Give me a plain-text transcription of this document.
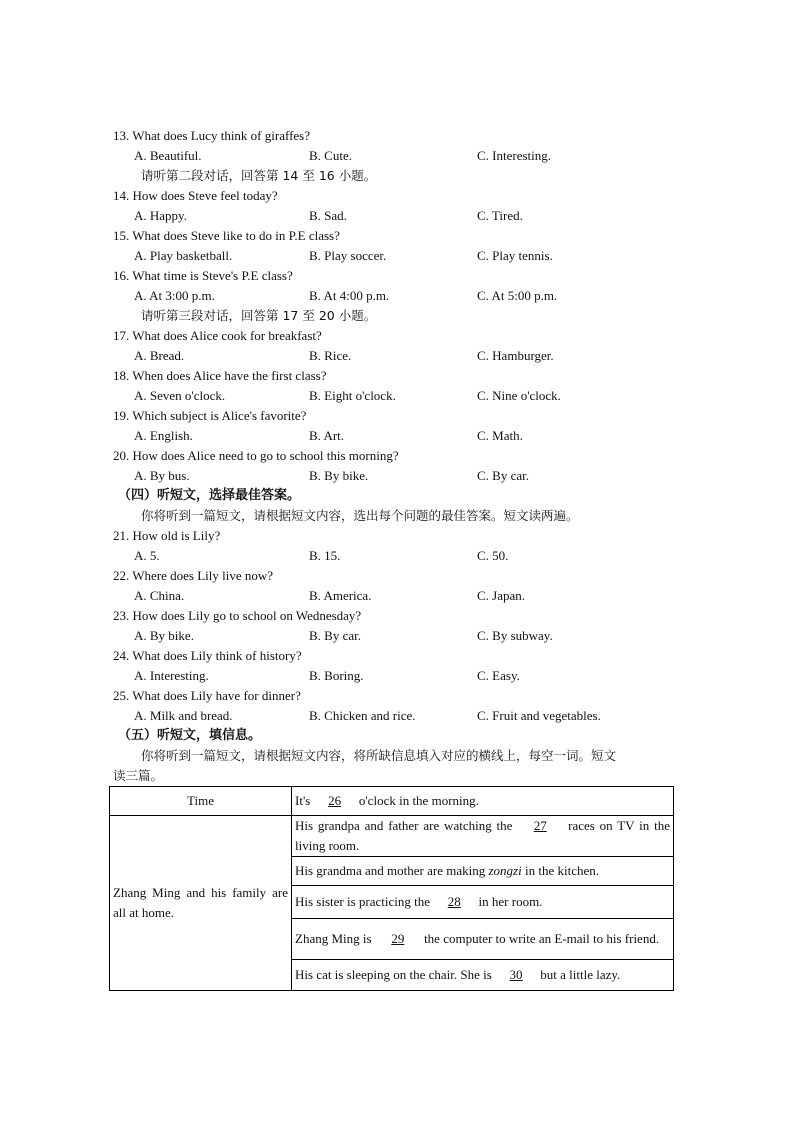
13. What does Lucy think of giraffes?
A. Beautiful.	B. Cute.	C. Interesting.
请听第二段对话，回答第 14 至 16 小题。
14. How does Steve feel today?
A. Happy.	B. Sad.	C. Tired.
15. What does Steve like to do in P.E class?
A. Play basketball.	B. Play soccer.	C. Play tennis.
16. What time is Steve's P.E class?
A. At 3:00 p.m.	B. At 4:00 p.m.	C. At 5:00 p.m.
请听第三段对话，回答第 17 至 20 小题。
17. What does Alice cook for breakfast?
A. Bread.	B. Rice.	C. Hamburger.
18. When does Alice have the first class?
A. Seven o'clock.	B. Eight o'clock.	C. Nine o'clock.
19. Which subject is Alice's favorite?
A. English.	B. Art.	C. Math.
20. How does Alice need to go to school this morning?
A. By bus.	B. By bike.	C. By car.
（四）听短文，选择最佳答案。
你将听到一篇短文，请根据短文内容，选出每个问题的最佳答案。短文读两遍。
21. How old is Lily?
A. 5.	B. 15.	C. 50.
22. Where does Lily live now?
A. China.	B. America.	C. Japan.
23. How does Lily go to school on Wednesday?
A. By bike.	B. By car.	C. By subway.
24. What does Lily think of history?
A. Interesting.	B. Boring.	C. Easy.
25. What does Lily have for dinner?
A. Milk and bread.	B. Chicken and rice.	C. Fruit and vegetables.
（五）听短文，填信息。
你将听到一篇短文，请根据短文内容，将所缺信息填入对应的横线上，每空一词。短文
读三篇。
Time	It's 26 o'clock in the morning.
Zhang Ming and his family are all at home.	His grandpa and father are watching the 27 races on TV in the living room.
	His grandma and mother are making zongzi in the kitchen.
	His sister is practicing the 28 in her room.
	Zhang Ming is 29 the computer to write an E-mail to his friend.
	His cat is sleeping on the chair. She is 30 but a little lazy.
